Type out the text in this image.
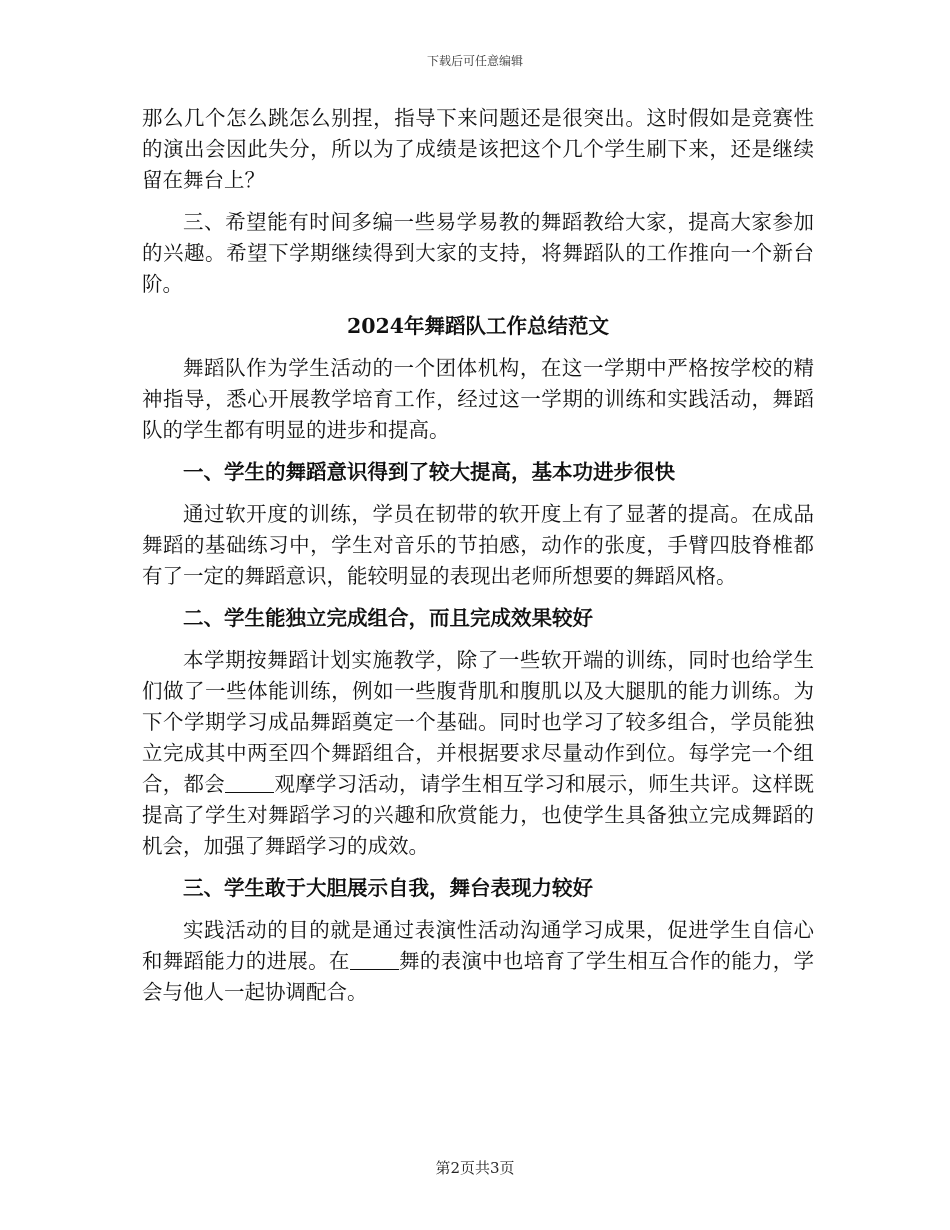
下载后可任意编辑

那么几个怎么跳怎么别捏，指导下来问题还是很突出。这时假如是竞赛性的演出会因此失分，所以为了成绩是该把这个几个学生刷下来，还是继续留在舞台上？

三、希望能有时间多编一些易学易教的舞蹈教给大家，提高大家参加的兴趣。希望下学期继续得到大家的支持，将舞蹈队的工作推向一个新台阶。

2024年舞蹈队工作总结范文

舞蹈队作为学生活动的一个团体机构，在这一学期中严格按学校的精神指导，悉心开展教学培育工作，经过这一学期的训练和实践活动，舞蹈队的学生都有明显的进步和提高。

一、学生的舞蹈意识得到了较大提高，基本功进步很快

通过软开度的训练，学员在韧带的软开度上有了显著的提高。在成品舞蹈的基础练习中，学生对音乐的节拍感，动作的张度，手臂四肢脊椎都有了一定的舞蹈意识，能较明显的表现出老师所想要的舞蹈风格。

二、学生能独立完成组合，而且完成效果较好

本学期按舞蹈计划实施教学，除了一些软开端的训练，同时也给学生们做了一些体能训练，例如一些腹背肌和腹肌以及大腿肌的能力训练。为下个学期学习成品舞蹈奠定一个基础。同时也学习了较多组合，学员能独立完成其中两至四个舞蹈组合，并根据要求尽量动作到位。每学完一个组合，都会 观摩学习活动，请学生相互学习和展示，师生共评。这样既提高了学生对舞蹈学习的兴趣和欣赏能力，也使学生具备独立完成舞蹈的机会，加强了舞蹈学习的成效。

三、学生敢于大胆展示自我，舞台表现力较好

实践活动的目的就是通过表演性活动沟通学习成果，促进学生自信心和舞蹈能力的进展。在 舞的表演中也培育了学生相互合作的能力，学会与他人一起协调配合。

第2页共3页
